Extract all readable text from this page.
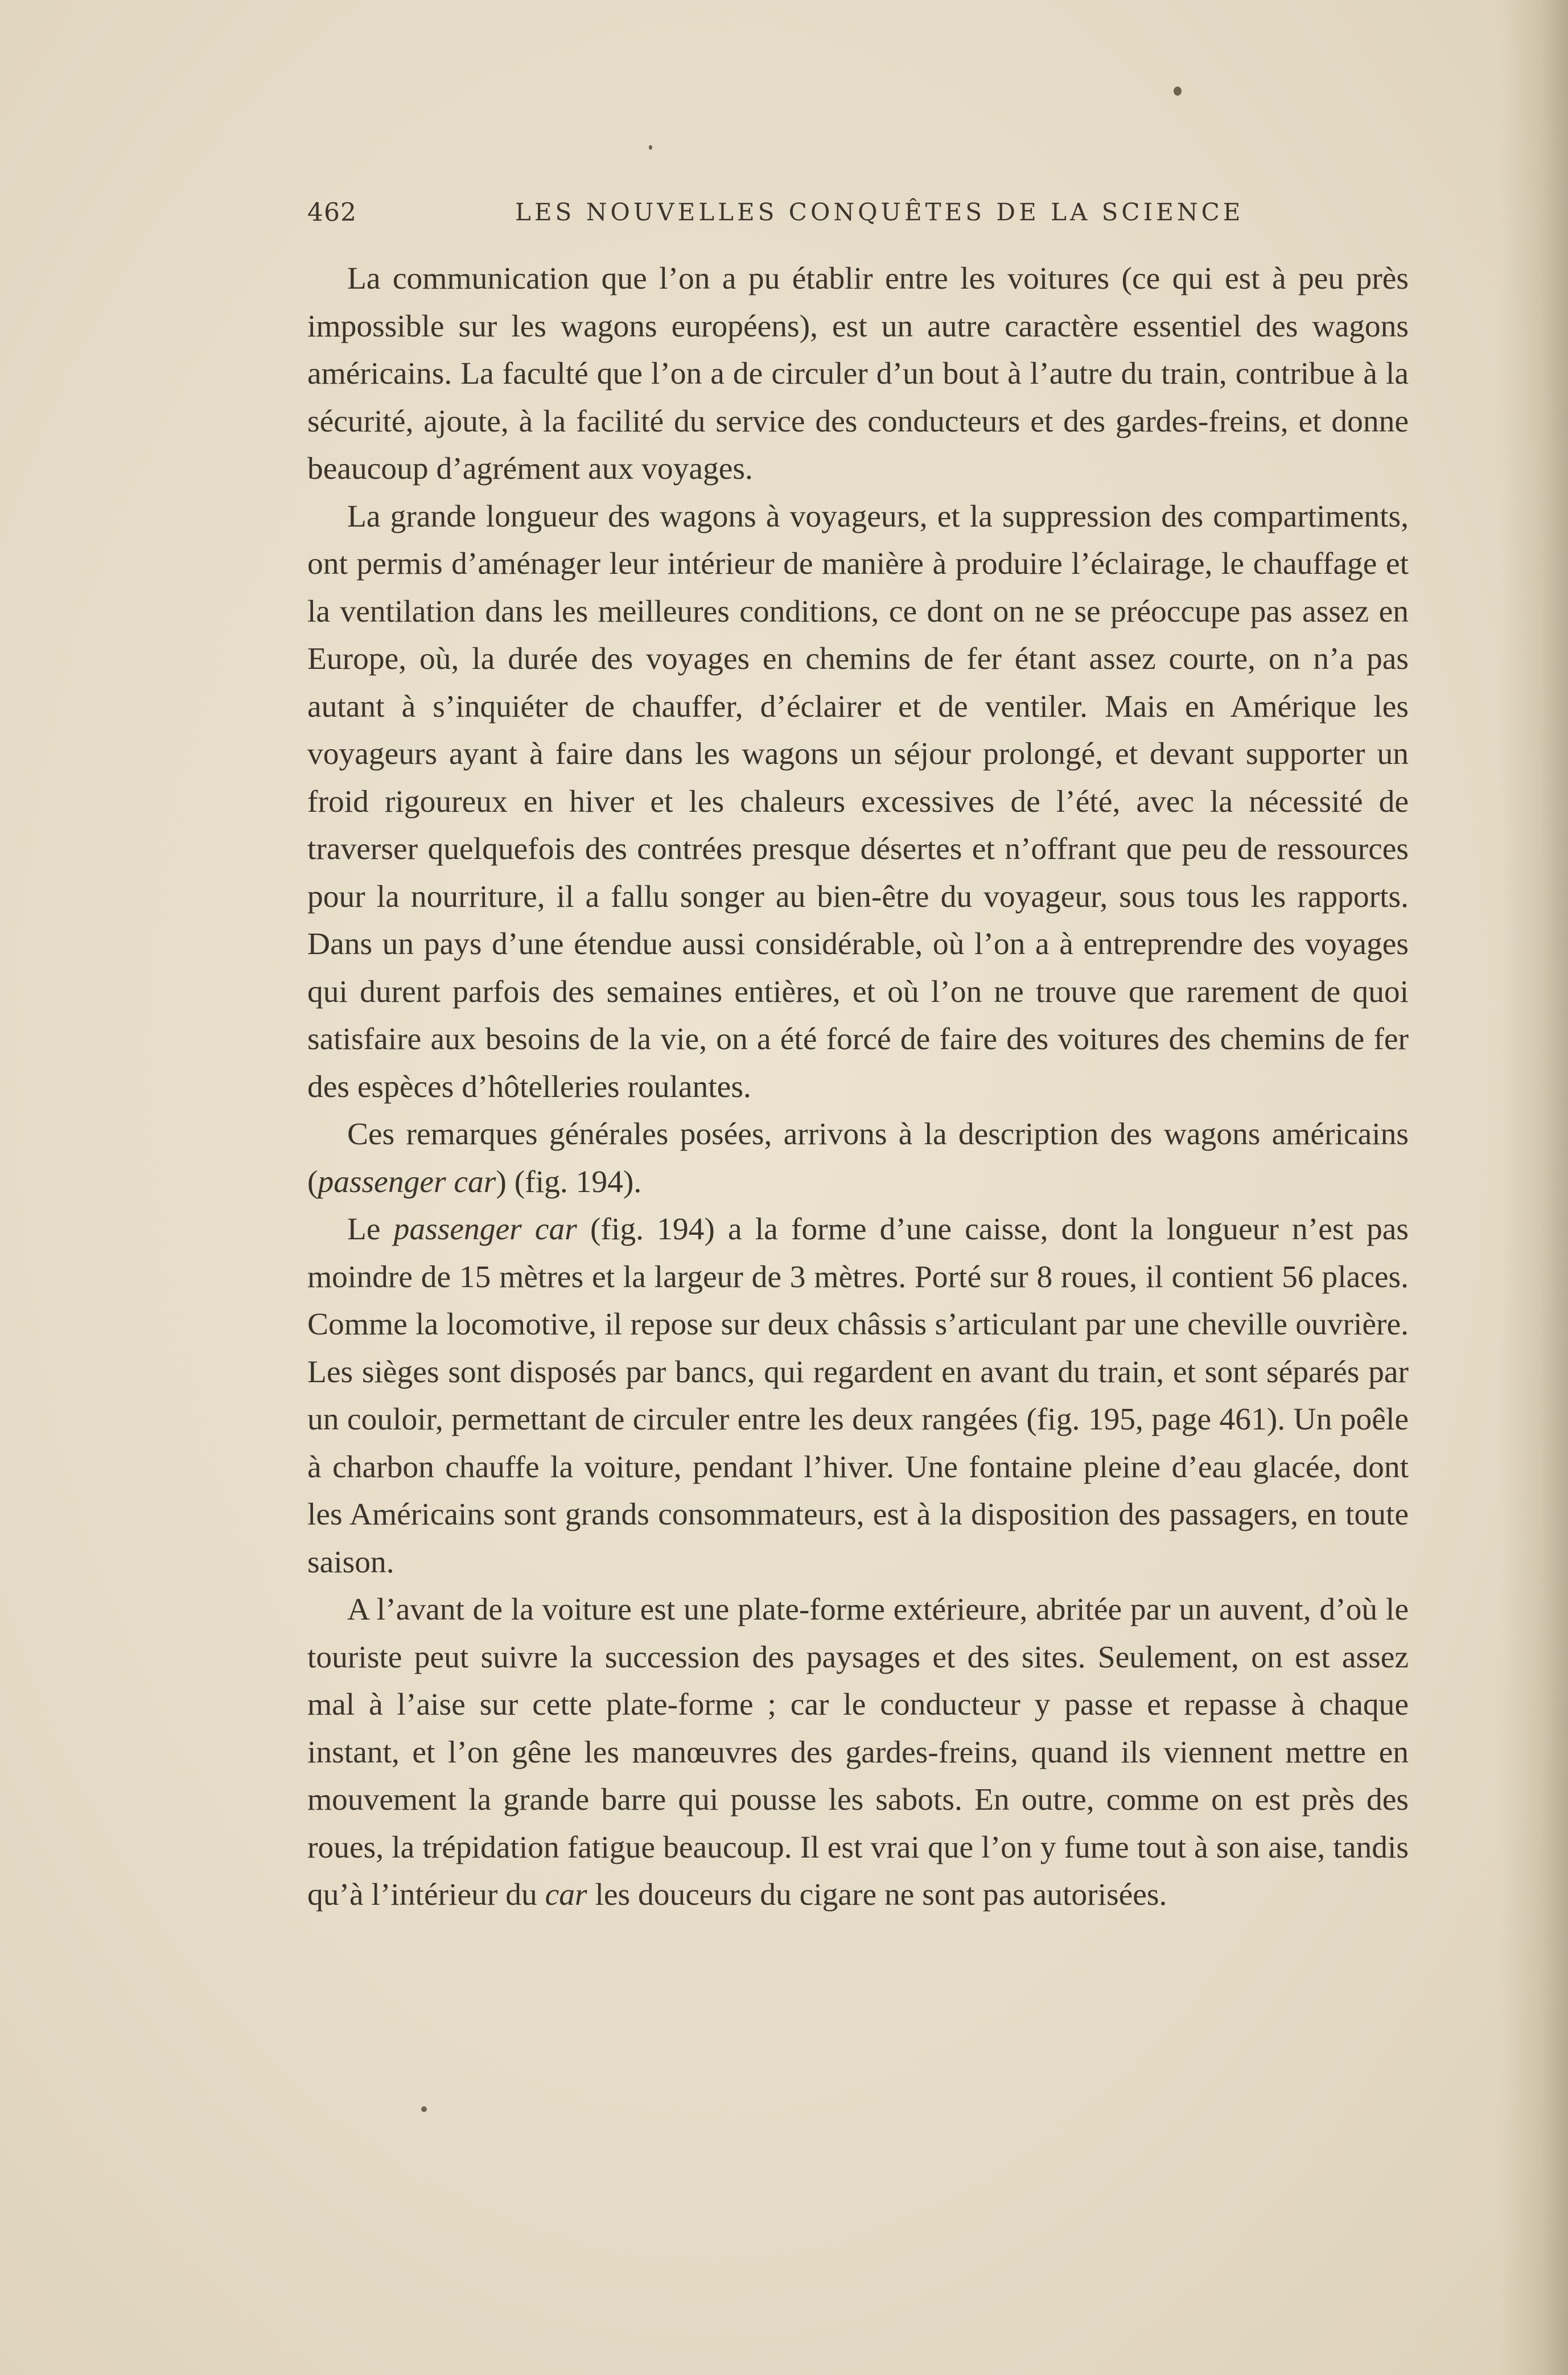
462	LES NOUVELLES CONQUÊTES DE LA SCIENCE

La communication que l’on a pu établir entre les voitures (ce qui est à peu près impossible sur les wagons européens), est un autre caractère essentiel des wagons américains. La faculté que l’on a de circuler d’un bout à l’autre du train, contribue à la sécurité, ajoute, à la facilité du service des conducteurs et des gardes-freins, et donne beaucoup d’agrément aux voyages.

La grande longueur des wagons à voyageurs, et la suppression des compartiments, ont permis d’aménager leur intérieur de manière à produire l’éclairage, le chauffage et la ventilation dans les meilleures conditions, ce dont on ne se préoccupe pas assez en Europe, où, la durée des voyages en chemins de fer étant assez courte, on n’a pas autant à s’inquiéter de chauffer, d’éclairer et de ventiler. Mais en Amérique les voyageurs ayant à faire dans les wagons un séjour prolongé, et devant supporter un froid rigoureux en hiver et les chaleurs excessives de l’été, avec la nécessité de traverser quelquefois des contrées presque désertes et n’offrant que peu de ressources pour la nourriture, il a fallu songer au bien-être du voyageur, sous tous les rapports. Dans un pays d’une étendue aussi considérable, où l’on a à entreprendre des voyages qui durent parfois des semaines entières, et où l’on ne trouve que rarement de quoi satisfaire aux besoins de la vie, on a été forcé de faire des voitures des chemins de fer des espèces d’hôtelleries roulantes.

Ces remarques générales posées, arrivons à la description des wagons américains (passenger car) (fig. 194).

Le passenger car (fig. 194) a la forme d’une caisse, dont la longueur n’est pas moindre de 15 mètres et la largeur de 3 mètres. Porté sur 8 roues, il contient 56 places. Comme la locomotive, il repose sur deux châssis s’articulant par une cheville ouvrière. Les sièges sont disposés par bancs, qui regardent en avant du train, et sont séparés par un couloir, permettant de circuler entre les deux rangées (fig. 195, page 461). Un poêle à charbon chauffe la voiture, pendant l’hiver. Une fontaine pleine d’eau glacée, dont les Américains sont grands consommateurs, est à la disposition des passagers, en toute saison.

A l’avant de la voiture est une plate-forme extérieure, abritée par un auvent, d’où le touriste peut suivre la succession des paysages et des sites. Seulement, on est assez mal à l’aise sur cette plate-forme ; car le conducteur y passe et repasse à chaque instant, et l’on gêne les manœuvres des gardes-freins, quand ils viennent mettre en mouvement la grande barre qui pousse les sabots. En outre, comme on est près des roues, la trépidation fatigue beaucoup. Il est vrai que l’on y fume tout à son aise, tandis qu’à l’intérieur du car les douceurs du cigare ne sont pas autorisées.
